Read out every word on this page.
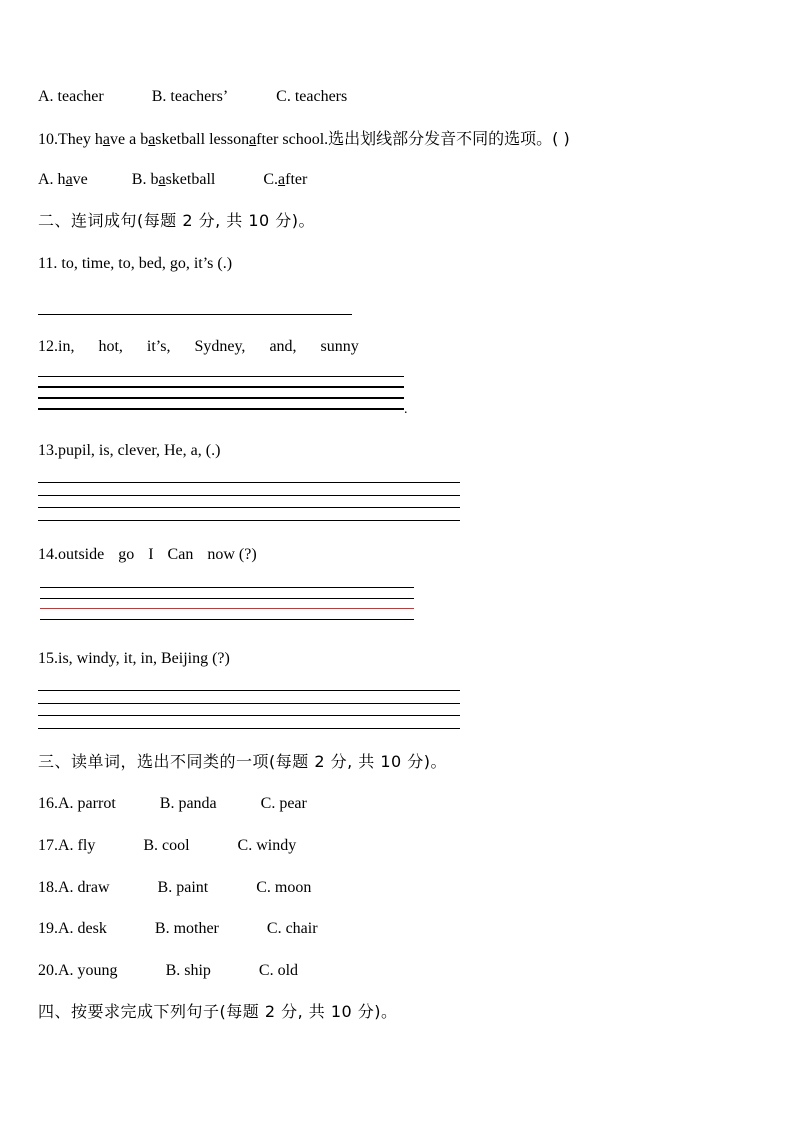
A. teacher	B. teachers’	C. teachers
10.They have a basketball lessonafter school.选出划线部分发音不同的选项。( )
A. have	B. basketball	C.after
二、连词成句(每题 2 分, 共 10 分)。
11. to, time, to, bed, go, it’s (.)
12.in, hot, it’s, Sydney, and, sunny
.
13.pupil, is, clever, He, a, (.)
14.outside go I Can now (?)
15.is, windy, it, in, Beijing (?)
三、读单词，选出不同类的一项(每题 2 分, 共 10 分)。
16.A. parrot	B. panda	C. pear
17.A. fly	B. cool	C. windy
18.A. draw	B. paint	C. moon
19.A. desk	B. mother	C. chair
20.A. young	B. ship	C. old
四、按要求完成下列句子(每题 2 分, 共 10 分)。
